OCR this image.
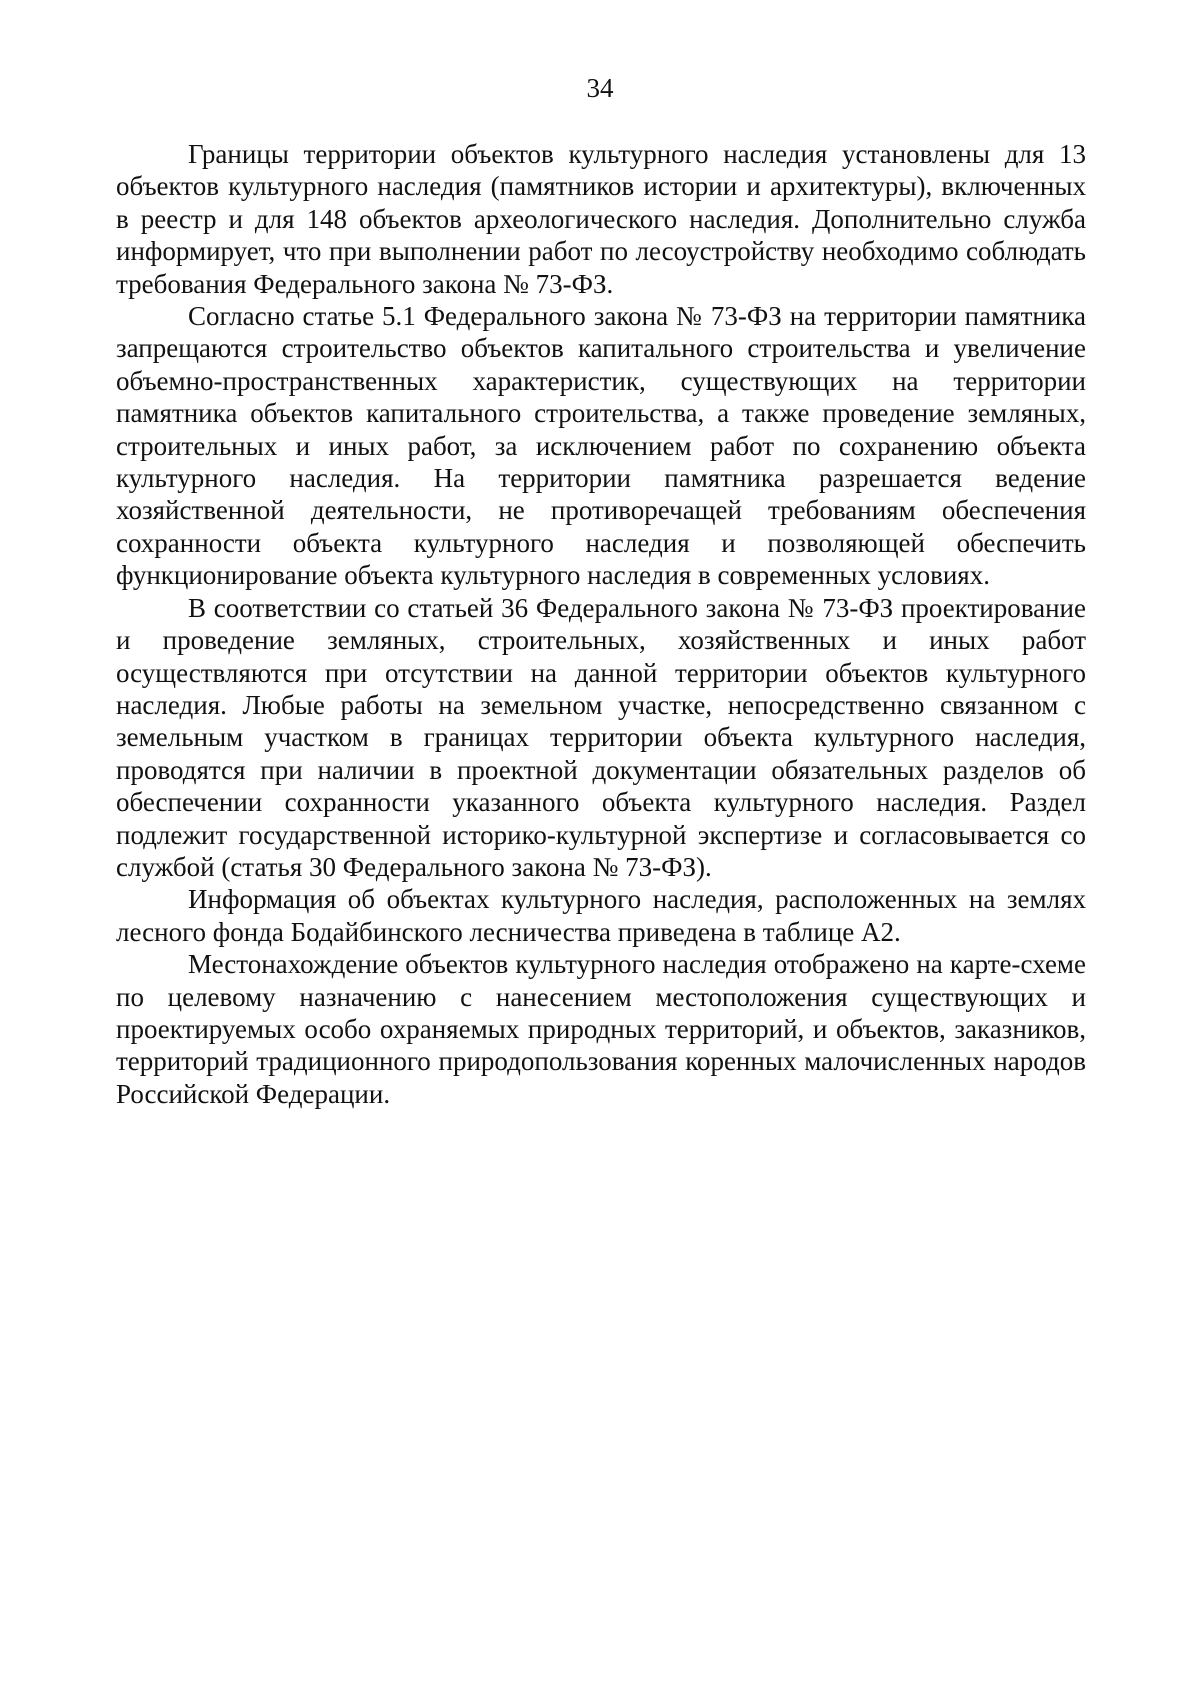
34

Границы территории объектов культурного наследия установлены для 13 объектов культурного наследия (памятников истории и архитектуры), включенных в реестр и для 148 объектов археологического наследия. Дополнительно служба информирует, что при выполнении работ по лесоустройству необходимо соблюдать требования Федерального закона № 73-ФЗ.

Согласно статье 5.1 Федерального закона № 73-ФЗ на территории памятника запрещаются строительство объектов капитального строительства и увеличение объемно-пространственных характеристик, существующих на территории памятника объектов капитального строительства, а также проведение земляных, строительных и иных работ, за исключением работ по сохранению объекта культурного наследия. На территории памятника разрешается ведение хозяйственной деятельности, не противоречащей требованиям обеспечения сохранности объекта культурного наследия и позволяющей обеспечить функционирование объекта культурного наследия в современных условиях.

В соответствии со статьей 36 Федерального закона № 73-ФЗ проектирование и проведение земляных, строительных, хозяйственных и иных работ осуществляются при отсутствии на данной территории объектов культурного наследия. Любые работы на земельном участке, непосредственно связанном с земельным участком в границах территории объекта культурного наследия, проводятся при наличии в проектной документации обязательных разделов об обеспечении сохранности указанного объекта культурного наследия. Раздел подлежит государственной историко-культурной экспертизе и согласовывается со службой (статья 30 Федерального закона № 73-ФЗ).

Информация об объектах культурного наследия, расположенных на землях лесного фонда Бодайбинского лесничества приведена в таблице А2.

Местонахождение объектов культурного наследия отображено на карте-схеме по целевому назначению с нанесением местоположения существующих и проектируемых особо охраняемых природных территорий, и объектов, заказников, территорий традиционного природопользования коренных малочисленных народов Российской Федерации.
